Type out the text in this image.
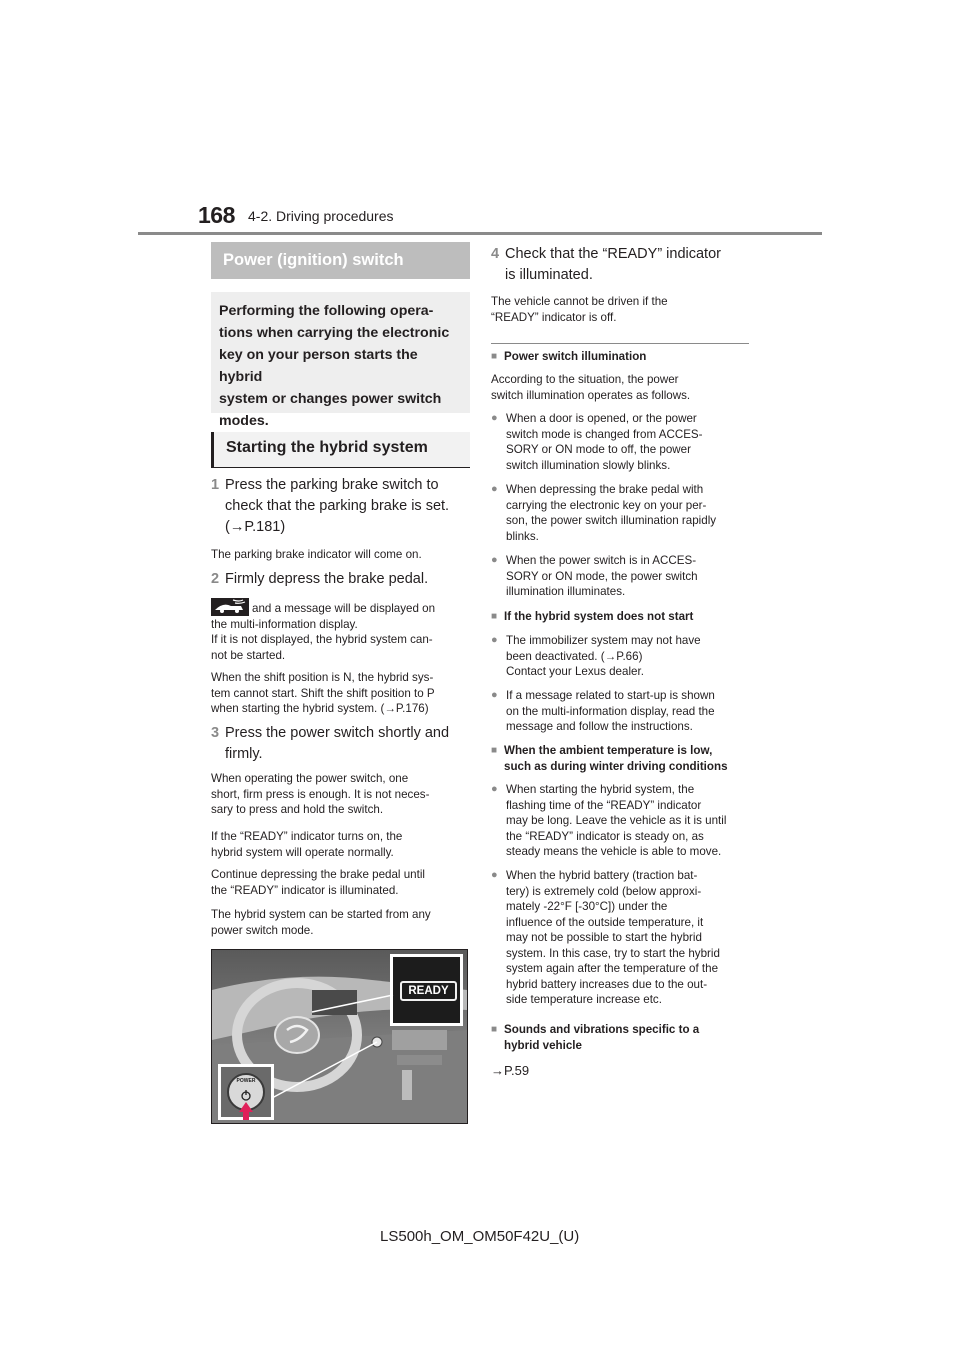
168 4-2. Driving procedures
Power (ignition) switch
Performing the following opera-
tions when carrying the electronic
key on your person starts the hybrid
system or changes power switch
modes.
Starting the hybrid system
1 Press the parking brake switch to
check that the parking brake is set.
(→P.181)
The parking brake indicator will come on.
2 Firmly depress the brake pedal.
and a message will be displayed on
the multi-information display.
If it is not displayed, the hybrid system can-
not be started.
When the shift position is N, the hybrid sys-
tem cannot start. Shift the shift position to P
when starting the hybrid system. (→P.176)
3 Press the power switch shortly and
firmly.
When operating the power switch, one
short, firm press is enough. It is not neces-
sary to press and hold the switch.
If the “READY” indicator turns on, the
hybrid system will operate normally.
Continue depressing the brake pedal until
the “READY” indicator is illuminated.
The hybrid system can be started from any
power switch mode.
READY
POWER
4 Check that the “READY” indicator
is illuminated.
The vehicle cannot be driven if the
“READY” indicator is off.
■ Power switch illumination
According to the situation, the power
switch illumination operates as follows.
● When a door is opened, or the power
switch mode is changed from ACCES-
SORY or ON mode to off, the power
switch illumination slowly blinks.
● When depressing the brake pedal with
carrying the electronic key on your per-
son, the power switch illumination rapidly
blinks.
● When the power switch is in ACCES-
SORY or ON mode, the power switch
illumination illuminates.
■ If the hybrid system does not start
● The immobilizer system may not have
been deactivated. (→P.66)
Contact your Lexus dealer.
● If a message related to start-up is shown
on the multi-information display, read the
message and follow the instructions.
■ When the ambient temperature is low,
such as during winter driving conditions
● When starting the hybrid system, the
flashing time of the “READY” indicator
may be long. Leave the vehicle as it is until
the “READY” indicator is steady on, as
steady means the vehicle is able to move.
● When the hybrid battery (traction bat-
tery) is extremely cold (below approxi-
mately -22°F [-30°C]) under the
influence of the outside temperature, it
may not be possible to start the hybrid
system. In this case, try to start the hybrid
system again after the temperature of the
hybrid battery increases due to the out-
side temperature increase etc.
■ Sounds and vibrations specific to a
hybrid vehicle
→P.59
LS500h_OM_OM50F42U_(U)
